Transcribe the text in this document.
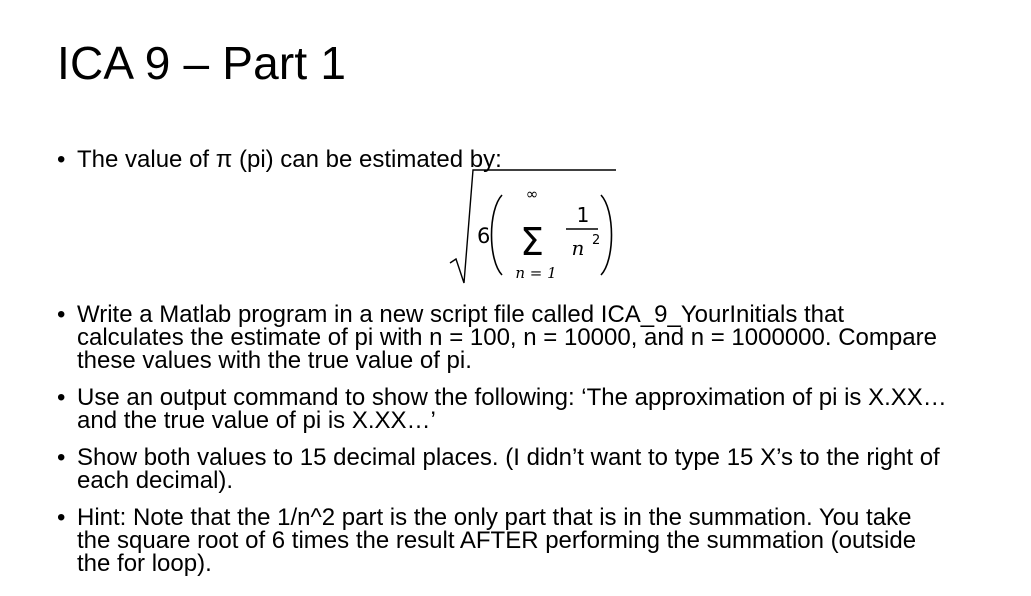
ICA 9 – Part 1
• The value of π (pi) can be estimated by:
6
∞
Σ
n = 1
1
n 2
• Write a Matlab program in a new script file called ICA_9_YourInitials that
calculates the estimate of pi with n = 100, n = 10000, and n = 1000000. Compare
these values with the true value of pi.
• Use an output command to show the following: ‘The approximation of pi is X.XX…
and the true value of pi is X.XX…’
• Show both values to 15 decimal places. (I didn’t want to type 15 X’s to the right of
each decimal).
• Hint: Note that the 1/n^2 part is the only part that is in the summation. You take
the square root of 6 times the result AFTER performing the summation (outside
the for loop).
